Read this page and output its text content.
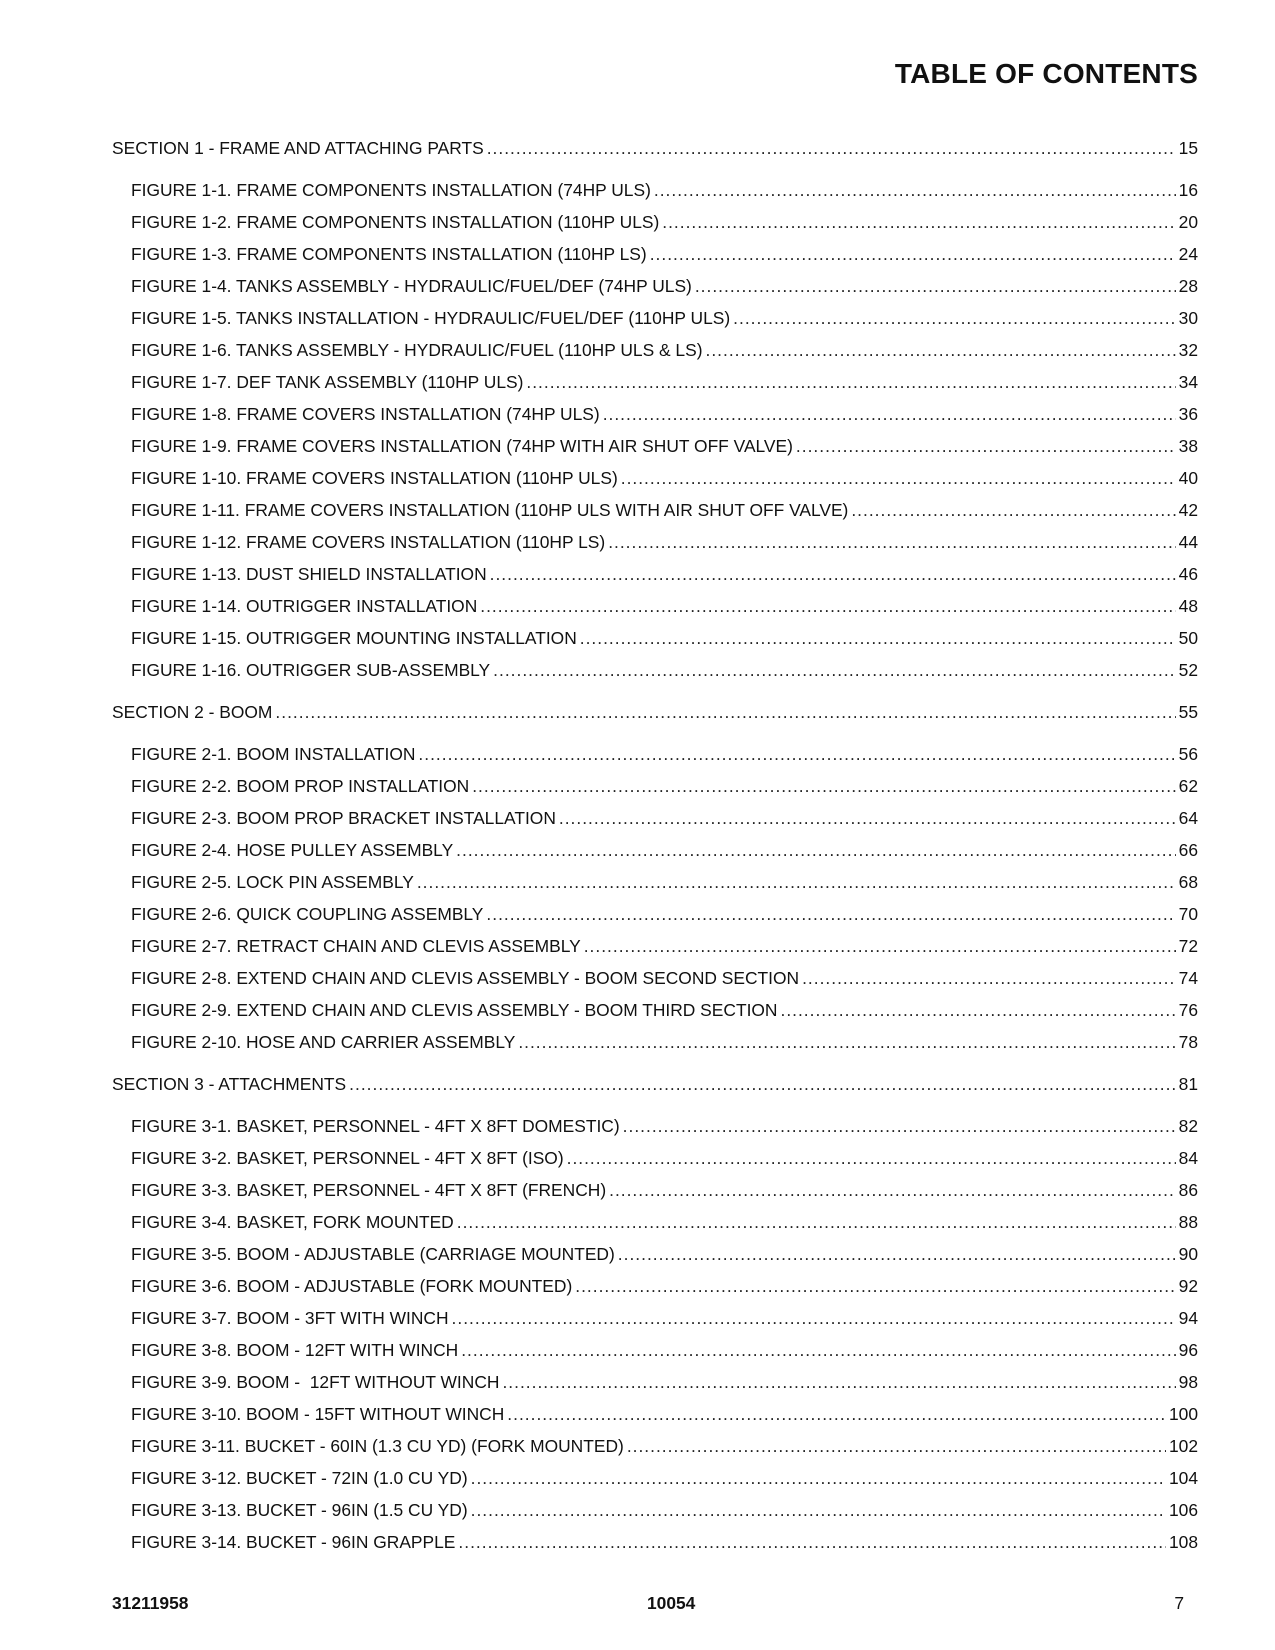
TABLE OF CONTENTS
SECTION 1 - FRAME AND ATTACHING PARTS .....	15
FIGURE 1-1. FRAME COMPONENTS INSTALLATION (74HP ULS) .....	16
FIGURE 1-2. FRAME COMPONENTS INSTALLATION (110HP ULS) .....	20
FIGURE 1-3. FRAME COMPONENTS INSTALLATION (110HP LS) .....	24
FIGURE 1-4. TANKS ASSEMBLY - HYDRAULIC/FUEL/DEF (74HP ULS) .....	28
FIGURE 1-5. TANKS INSTALLATION - HYDRAULIC/FUEL/DEF (110HP ULS) .....	30
FIGURE 1-6. TANKS ASSEMBLY - HYDRAULIC/FUEL (110HP ULS & LS) .....	32
FIGURE 1-7. DEF TANK ASSEMBLY (110HP ULS) .....	34
FIGURE 1-8. FRAME COVERS INSTALLATION (74HP ULS) .....	36
FIGURE 1-9. FRAME COVERS INSTALLATION (74HP WITH AIR SHUT OFF VALVE) .....	38
FIGURE 1-10. FRAME COVERS INSTALLATION (110HP ULS) .....	40
FIGURE 1-11. FRAME COVERS INSTALLATION (110HP ULS WITH AIR SHUT OFF VALVE) .....	42
FIGURE 1-12. FRAME COVERS INSTALLATION (110HP LS) .....	44
FIGURE 1-13. DUST SHIELD INSTALLATION .....	46
FIGURE 1-14. OUTRIGGER INSTALLATION .....	48
FIGURE 1-15. OUTRIGGER MOUNTING INSTALLATION .....	50
FIGURE 1-16. OUTRIGGER SUB-ASSEMBLY .....	52
SECTION 2 - BOOM .....	55
FIGURE 2-1. BOOM INSTALLATION .....	56
FIGURE 2-2. BOOM PROP INSTALLATION .....	62
FIGURE 2-3. BOOM PROP BRACKET INSTALLATION .....	64
FIGURE 2-4. HOSE PULLEY ASSEMBLY .....	66
FIGURE 2-5. LOCK PIN ASSEMBLY .....	68
FIGURE 2-6. QUICK COUPLING ASSEMBLY .....	70
FIGURE 2-7. RETRACT CHAIN AND CLEVIS ASSEMBLY .....	72
FIGURE 2-8. EXTEND CHAIN AND CLEVIS ASSEMBLY - BOOM SECOND SECTION .....	74
FIGURE 2-9. EXTEND CHAIN AND CLEVIS ASSEMBLY - BOOM THIRD SECTION .....	76
FIGURE 2-10. HOSE AND CARRIER ASSEMBLY .....	78
SECTION 3 - ATTACHMENTS .....	81
FIGURE 3-1. BASKET, PERSONNEL - 4FT X 8FT DOMESTIC) .....	82
FIGURE 3-2. BASKET, PERSONNEL - 4FT X 8FT (ISO) .....	84
FIGURE 3-3. BASKET, PERSONNEL - 4FT X 8FT (FRENCH) .....	86
FIGURE 3-4. BASKET, FORK MOUNTED .....	88
FIGURE 3-5. BOOM - ADJUSTABLE (CARRIAGE MOUNTED) .....	90
FIGURE 3-6. BOOM - ADJUSTABLE (FORK MOUNTED) .....	92
FIGURE 3-7. BOOM - 3FT WITH WINCH .....	94
FIGURE 3-8. BOOM - 12FT WITH WINCH .....	96
FIGURE 3-9. BOOM -  12FT WITHOUT WINCH .....	98
FIGURE 3-10. BOOM - 15FT WITHOUT WINCH .....	100
FIGURE 3-11. BUCKET - 60IN (1.3 CU YD) (FORK MOUNTED) .....	102
FIGURE 3-12. BUCKET - 72IN (1.0 CU YD) .....	104
FIGURE 3-13. BUCKET - 96IN (1.5 CU YD) .....	106
FIGURE 3-14. BUCKET - 96IN GRAPPLE .....	108
31211958	10054	7
